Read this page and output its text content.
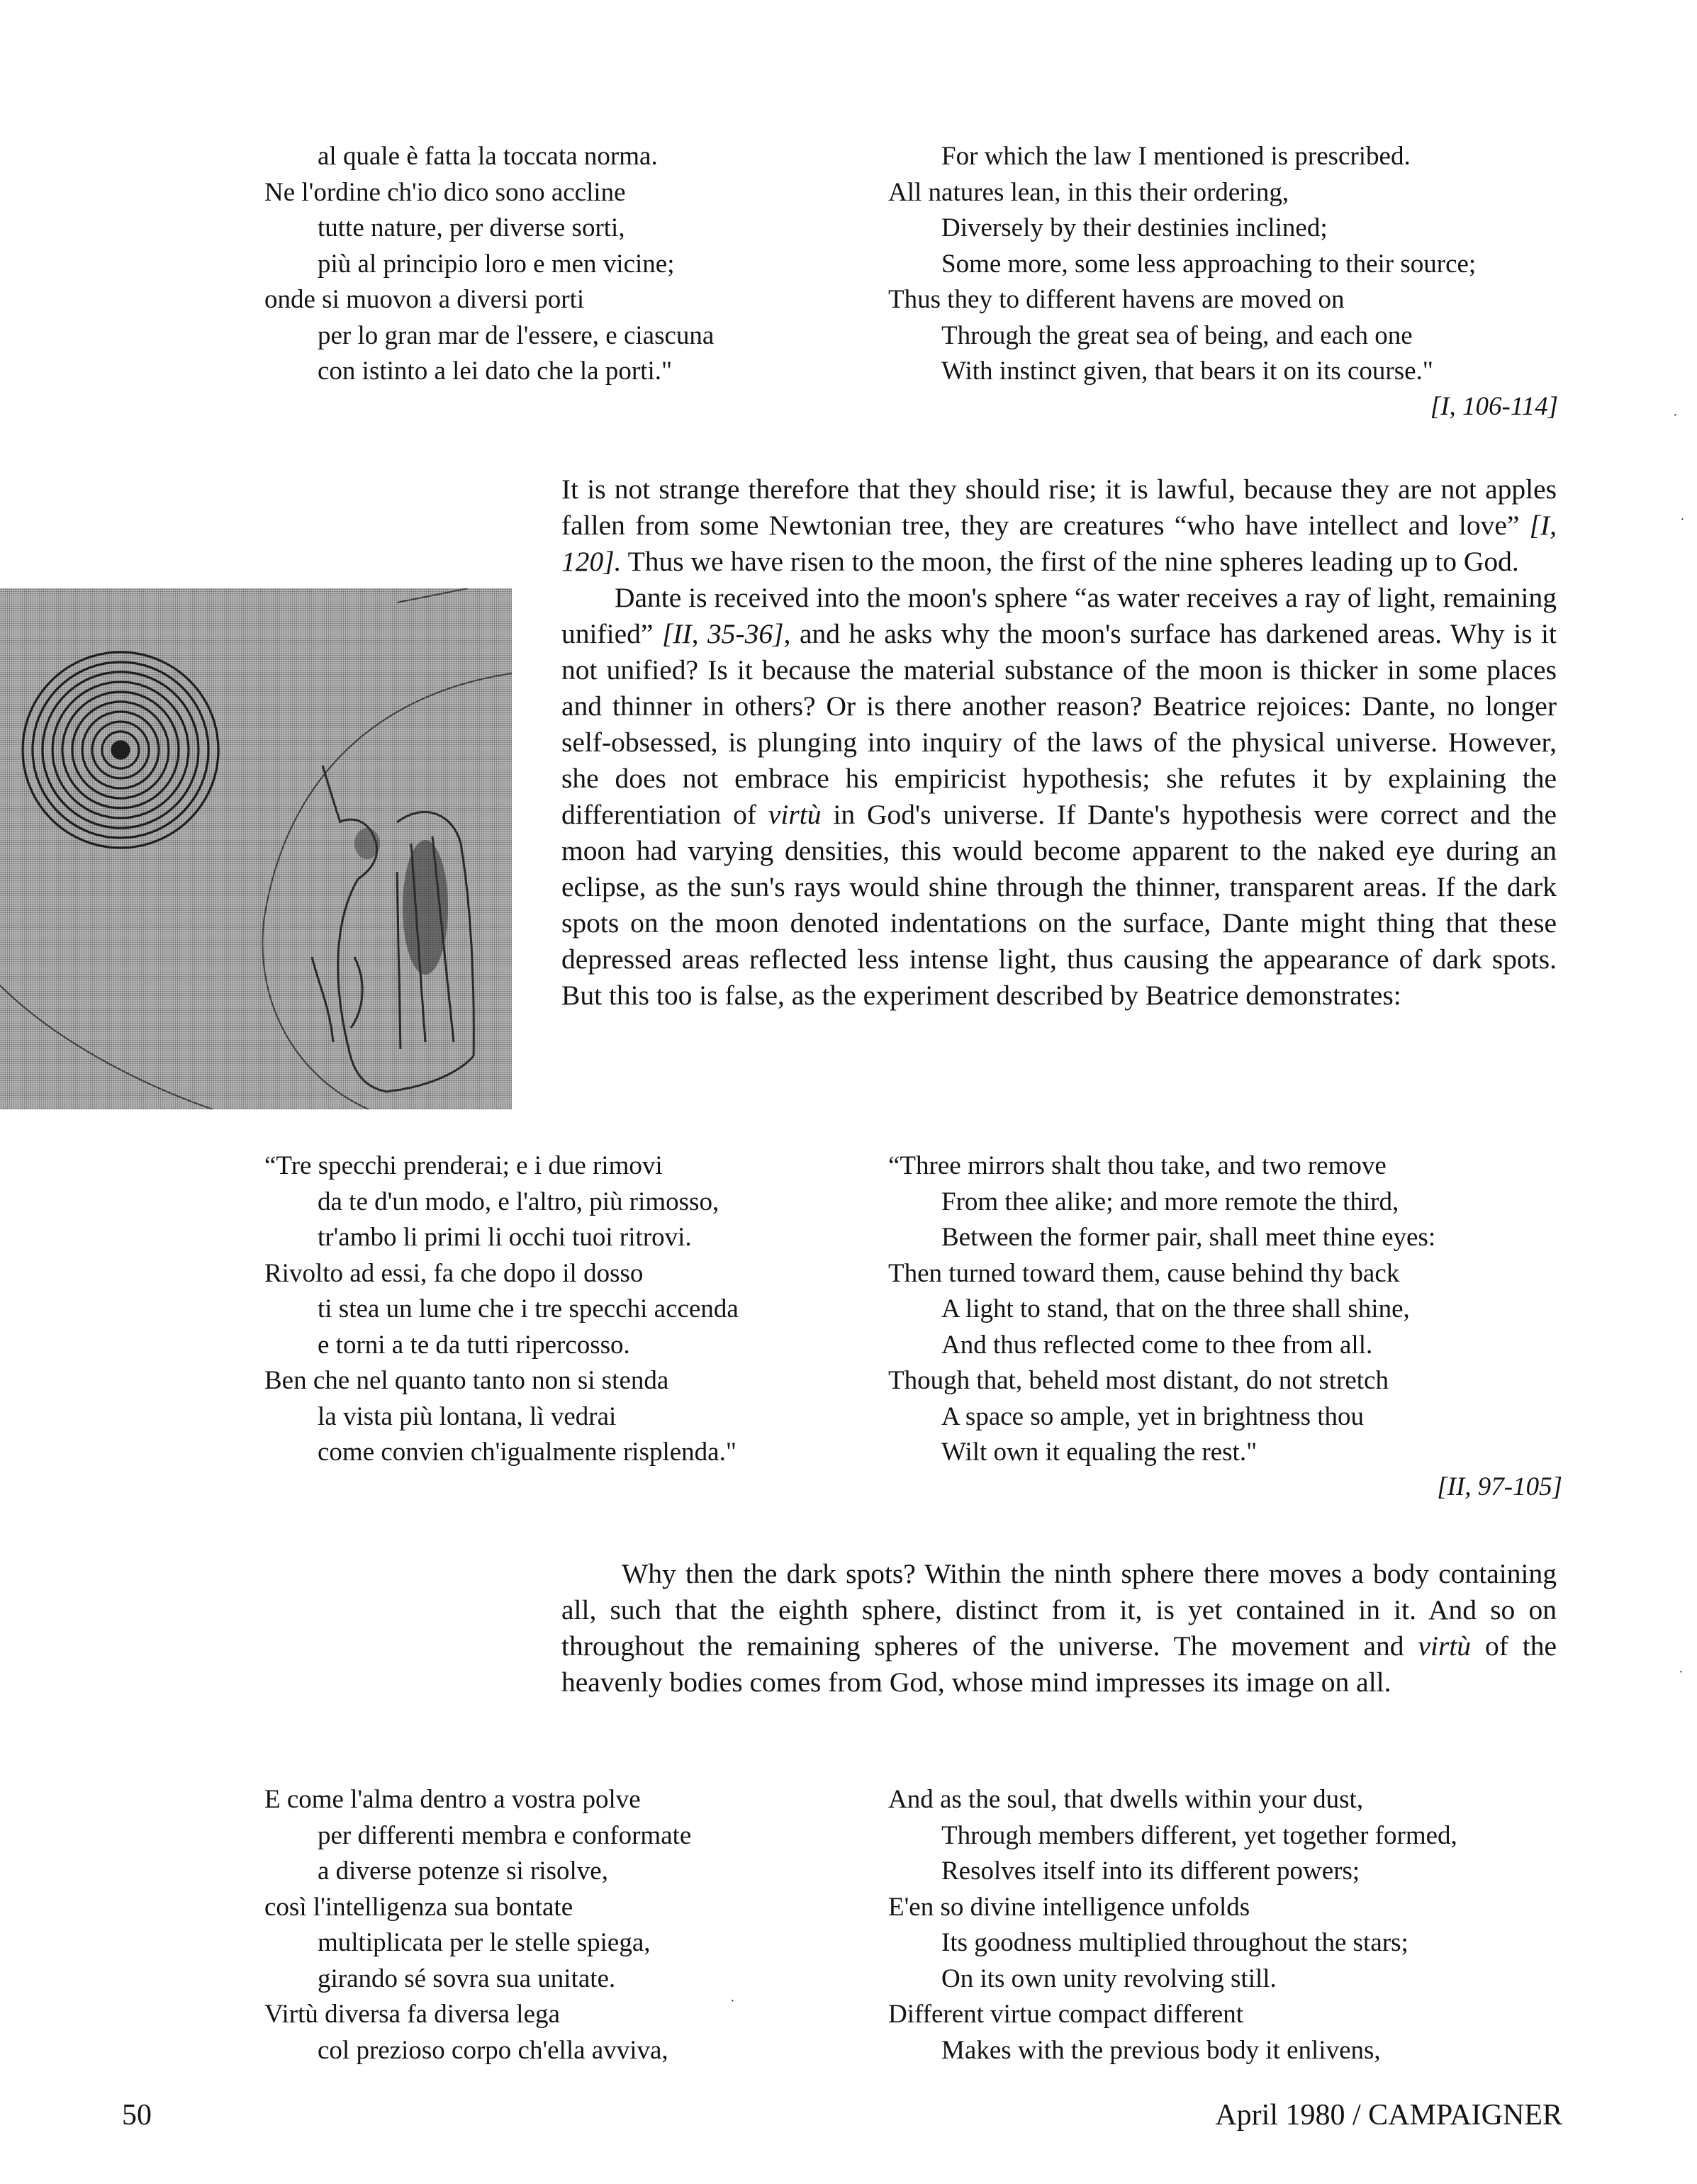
al quale è fatta la toccata norma.
Ne l'ordine ch'io dico sono accline
tutte nature, per diverse sorti,
più al principio loro e men vicine;
onde si muovon a diversi porti
per lo gran mar de l'essere, e ciascuna
con istinto a lei dato che la porti."
For which the law I mentioned is prescribed.
All natures lean, in this their ordering,
Diversely by their destinies inclined;
Some more, some less approaching to their source;
Thus they to different havens are moved on
Through the great sea of being, and each one
With instinct given, that bears it on its course."
[I, 106-114]

It is not strange therefore that they should rise; it is lawful, because they are not apples fallen from some Newtonian tree, they are creatures “who have intellect and love” [I, 120]. Thus we have risen to the moon, the first of the nine spheres leading up to God.

Dante is received into the moon's sphere “as water receives a ray of light, remaining unified” [II, 35-36], and he asks why the moon's surface has darkened areas. Why is it not unified? Is it because the material substance of the moon is thicker in some places and thinner in others? Or is there another reason? Beatrice rejoices: Dante, no longer self-obsessed, is plunging into inquiry of the laws of the physical universe. However, she does not embrace his empiricist hypothesis; she refutes it by explaining the differentiation of virtù in God's universe. If Dante's hypothesis were correct and the moon had varying densities, this would become apparent to the naked eye during an eclipse, as the sun's rays would shine through the thinner, transparent areas. If the dark spots on the moon denoted indentations on the surface, Dante might thing that these depressed areas reflected less intense light, thus causing the appearance of dark spots. But this too is false, as the experiment described by Beatrice demonstrates:

“Tre specchi prenderai; e i due rimovi
da te d'un modo, e l'altro, più rimosso,
tr'ambo li primi li occhi tuoi ritrovi.
Rivolto ad essi, fa che dopo il dosso
ti stea un lume che i tre specchi accenda
e torni a te da tutti ripercosso.
Ben che nel quanto tanto non si stenda
la vista più lontana, lì vedrai
come convien ch'igualmente risplenda."
“Three mirrors shalt thou take, and two remove
From thee alike; and more remote the third,
Between the former pair, shall meet thine eyes:
Then turned toward them, cause behind thy back
A light to stand, that on the three shall shine,
And thus reflected come to thee from all.
Though that, beheld most distant, do not stretch
A space so ample, yet in brightness thou
Wilt own it equaling the rest."
[II, 97-105]

Why then the dark spots? Within the ninth sphere there moves a body containing all, such that the eighth sphere, distinct from it, is yet contained in it. And so on throughout the remaining spheres of the universe. The movement and virtù of the heavenly bodies comes from God, whose mind impresses its image on all.

E come l'alma dentro a vostra polve
per differenti membra e conformate
a diverse potenze si risolve,
così l'intelligenza sua bontate
multiplicata per le stelle spiega,
girando sé sovra sua unitate.
Virtù diversa fa diversa lega
col prezioso corpo ch'ella avviva,
And as the soul, that dwells within your dust,
Through members different, yet together formed,
Resolves itself into its different powers;
E'en so divine intelligence unfolds
Its goodness multiplied throughout the stars;
On its own unity revolving still.
Different virtue compact different
Makes with the previous body it enlivens,
50	April 1980 / CAMPAIGNER
·
·
·
·
